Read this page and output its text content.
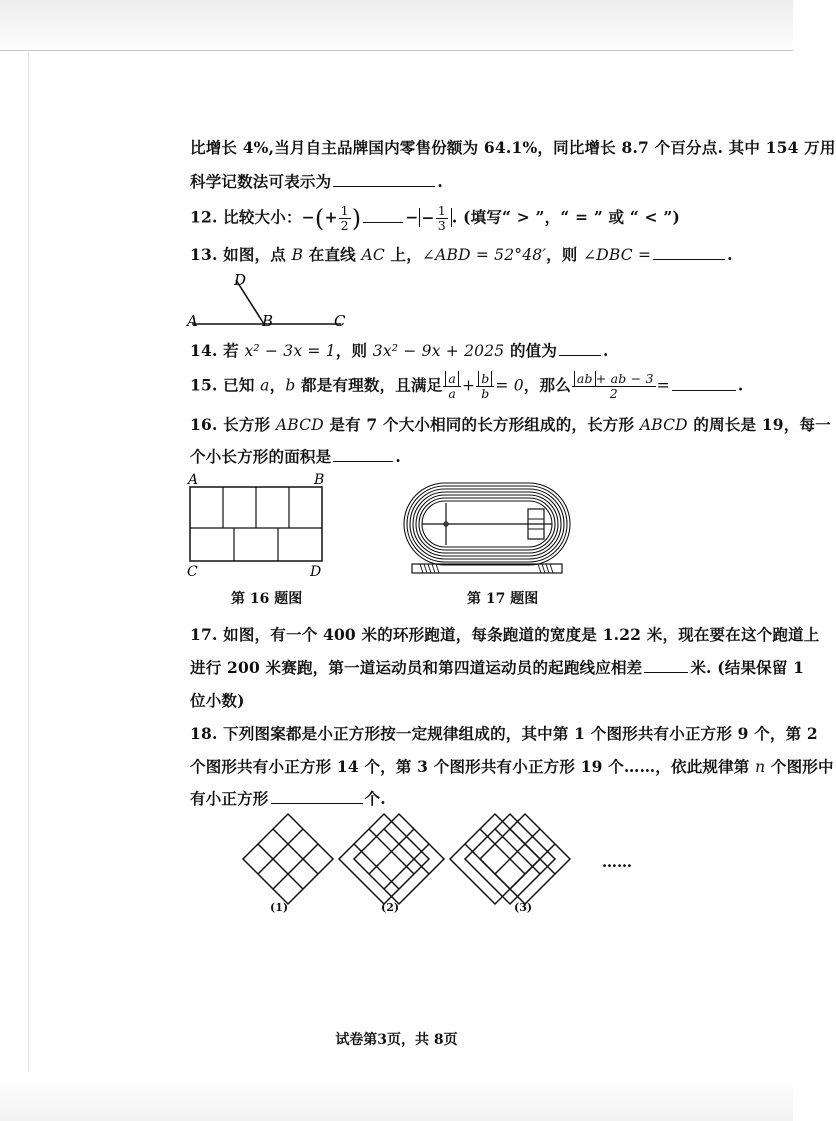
比增长 4%,当月自主品牌国内零售份额为 64.1%，同比增长 8.7 个百分点. 其中 154 万用
科学记数法可表示为	.
12. 比较大小：−(+ $\frac{1}{2}$ )	− − $\frac{1}{3}$ . (填写“ > ”，“ = ” 或 “ < ”)
13. 如图，点 B 在直线 AC 上，∠ABD = 52°48′，则 ∠DBC =	.
A	B	C
D
14. 若 x² − 3x = 1，则 3x² − 9x + 2025 的值为	.
15. 已知 a，b 都是有理数，且满足 $\frac{a}{a} + \frac{b}{b} = 0$，那么 $\frac{ab + ab - 3}{2}$ =	.
16. 长方形 ABCD 是有 7 个大小相同的长方形组成的，长方形 ABCD 的周长是 19，每一
个小长方形的面积是	.
A	B
C	D
第 16 题图	第 17 题图
17. 如图，有一个 400 米的环形跑道，每条跑道的宽度是 1.22 米，现在要在这个跑道上
进行 200 米赛跑，第一道运动员和第四道运动员的起跑线应相差	米. (结果保留 1
位小数)
18. 下列图案都是小正方形按一定规律组成的，其中第 1 个图形共有小正方形 9 个，第 2
个图形共有小正方形 14 个，第 3 个图形共有小正方形 19 个……，依此规律第 n 个图形中
有小正方形	个.
……
(1)	(2)	(3)
试卷第3页，共 8页
